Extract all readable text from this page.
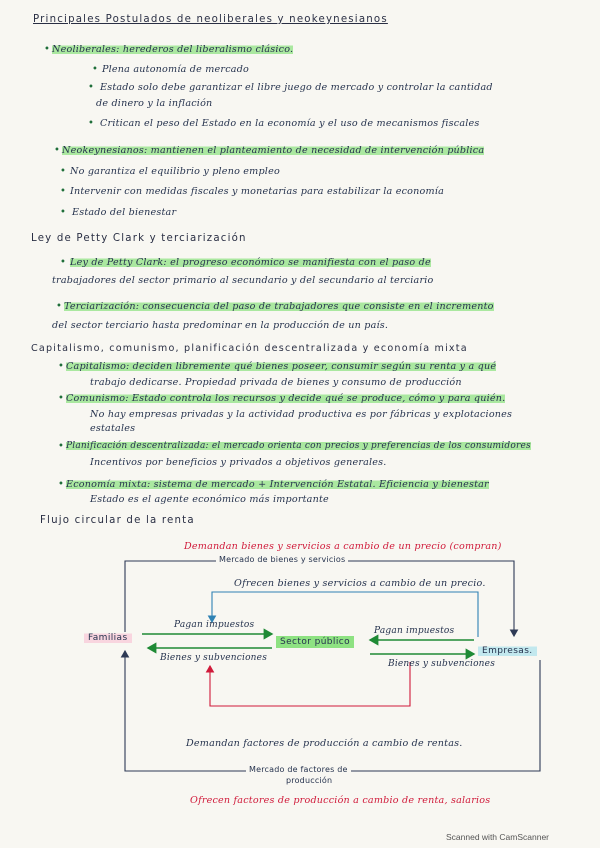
Principales Postulados de neoliberales y neokeynesianos
• Neoliberales: herederos del liberalismo clásico.
• Plena autonomía de mercado
• Estado solo debe garantizar el libre juego de mercado y controlar la cantidad
de dinero y la inflación
• Critican el peso del Estado en la economía y el uso de mecanismos fiscales
• Neokeynesianos: mantienen el planteamiento de necesidad de intervención pública
• No garantiza el equilibrio y pleno empleo
• Intervenir con medidas fiscales y monetarias para estabilizar la economía
• Estado del bienestar
Ley de Petty Clark y terciarización
• Ley de Petty Clark: el progreso económico se manifiesta con el paso de
trabajadores del sector primario al secundario y del secundario al terciario
• Terciarización: consecuencia del paso de trabajadores que consiste en el incremento
del sector terciario hasta predominar en la producción de un país.
Capitalismo, comunismo, planificación descentralizada y economía mixta
• Capitalismo: deciden libremente qué bienes poseer, consumir según su renta y a qué
trabajo dedicarse. Propiedad privada de bienes y consumo de producción
• Comunismo: Estado controla los recursos y decide qué se produce, cómo y para quién.
No hay empresas privadas y la actividad productiva es por fábricas y explotaciones
estatales
• Planificación descentralizada: el mercado orienta con precios y preferencias de los consumidores
Incentivos por beneficios y privados a objetivos generales.
• Economía mixta: sistema de mercado + Intervención Estatal. Eficiencia y bienestar
Estado es el agente económico más importante
Flujo circular de la renta
Demandan bienes y servicios a cambio de un precio (compran)
Mercado de bienes y servicios
Ofrecen bienes y servicios a cambio de un precio.
Pagan impuestos
Pagan impuestos
Bienes y subvenciones
Bienes y subvenciones
Familias	Sector público
Empresas.
Demandan factores de producción a cambio de rentas.
Mercado de factores de
producción
Ofrecen factores de producción a cambio de renta, salarios
Scanned with CamScanner
